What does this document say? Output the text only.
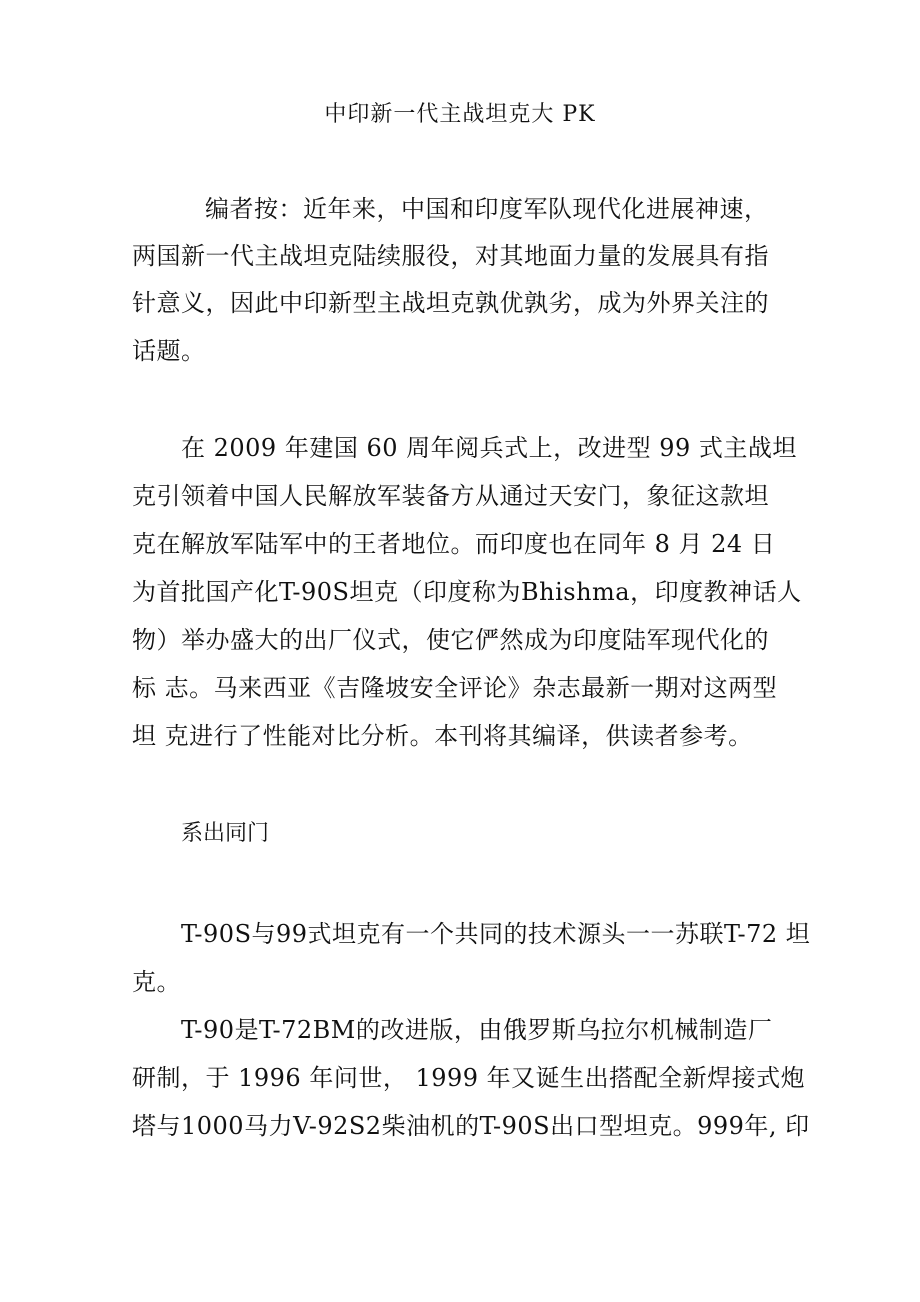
中印新一代主战坦克大 PK
编者按：近年来，中国和印度军队现代化进展神速，
两国新一代主战坦克陆续服役，对其地面力量的发展具有指
针意义，因此中印新型主战坦克孰优孰劣，成为外界关注的
话题。
在 2009 年建国 60 周年阅兵式上，改进型 99 式主战坦
克引领着中国人民解放军装备方从通过天安门，象征这款坦
克在解放军陆军中的王者地位。而印度也在同年 8 月 24 日
为首批国产化T-90S坦克（印度称为Bhishma，印度教神话人
物）举办盛大的出厂仪式，使它俨然成为印度陆军现代化的
标 志。马来西亚《吉隆坡安全评论》杂志最新一期对这两型
坦 克进行了性能对比分析。本刊将其编译，供读者参考。
系出同门
T-90S与99式坦克有一个共同的技术源头一一苏联T-72 坦
克。
T-90是T-72BM的改进版，由俄罗斯乌拉尔机械制造厂
研制，于 1996 年问世， 1999 年又诞生出搭配全新焊接式炮
塔与1000马力V-92S2柴油机的T-90S出口型坦克。999年, 印
